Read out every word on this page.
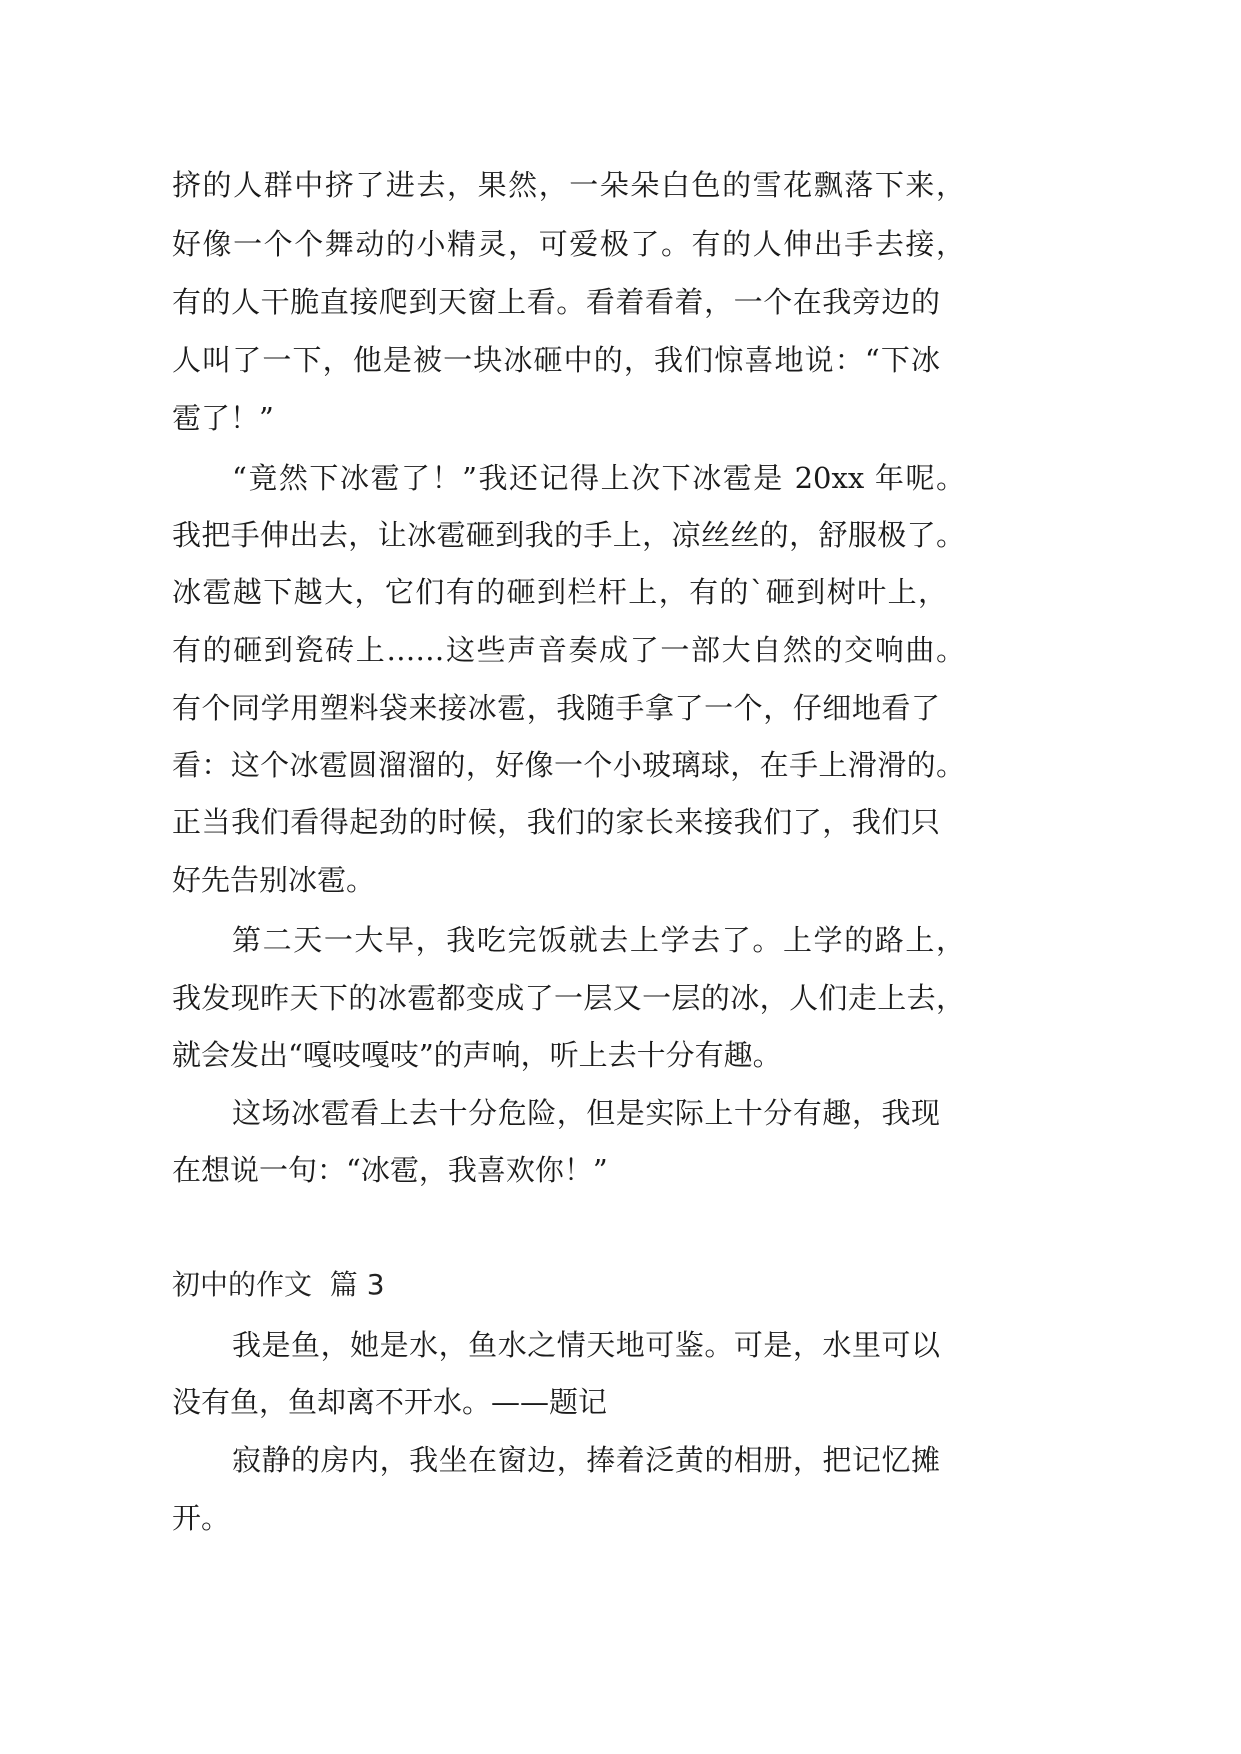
挤的人群中挤了进去，果然，一朵朵白色的雪花飘落下来，
好像一个个舞动的小精灵，可爱极了。有的人伸出手去接，
有的人干脆直接爬到天窗上看。看着看着，一个在我旁边的
人叫了一下，他是被一块冰砸中的，我们惊喜地说：“下冰
雹了！”
“竟然下冰雹了！”我还记得上次下冰雹是 20xx 年呢。
我把手伸出去，让冰雹砸到我的手上，凉丝丝的，舒服极了。
冰雹越下越大，它们有的砸到栏杆上，有的`砸到树叶上，
有的砸到瓷砖上……这些声音奏成了一部大自然的交响曲。
有个同学用塑料袋来接冰雹，我随手拿了一个，仔细地看了
看：这个冰雹圆溜溜的，好像一个小玻璃球，在手上滑滑的。
正当我们看得起劲的时候，我们的家长来接我们了，我们只
好先告别冰雹。
第二天一大早，我吃完饭就去上学去了。上学的路上，
我发现昨天下的冰雹都变成了一层又一层的冰，人们走上去，
就会发出“嘎吱嘎吱”的声响，听上去十分有趣。
这场冰雹看上去十分危险，但是实际上十分有趣，我现
在想说一句：“冰雹，我喜欢你！”
初中的作文  篇 3
我是鱼，她是水，鱼水之情天地可鉴。可是，水里可以
没有鱼，鱼却离不开水。——题记
寂静的房内，我坐在窗边，捧着泛黄的相册，把记忆摊
开。
